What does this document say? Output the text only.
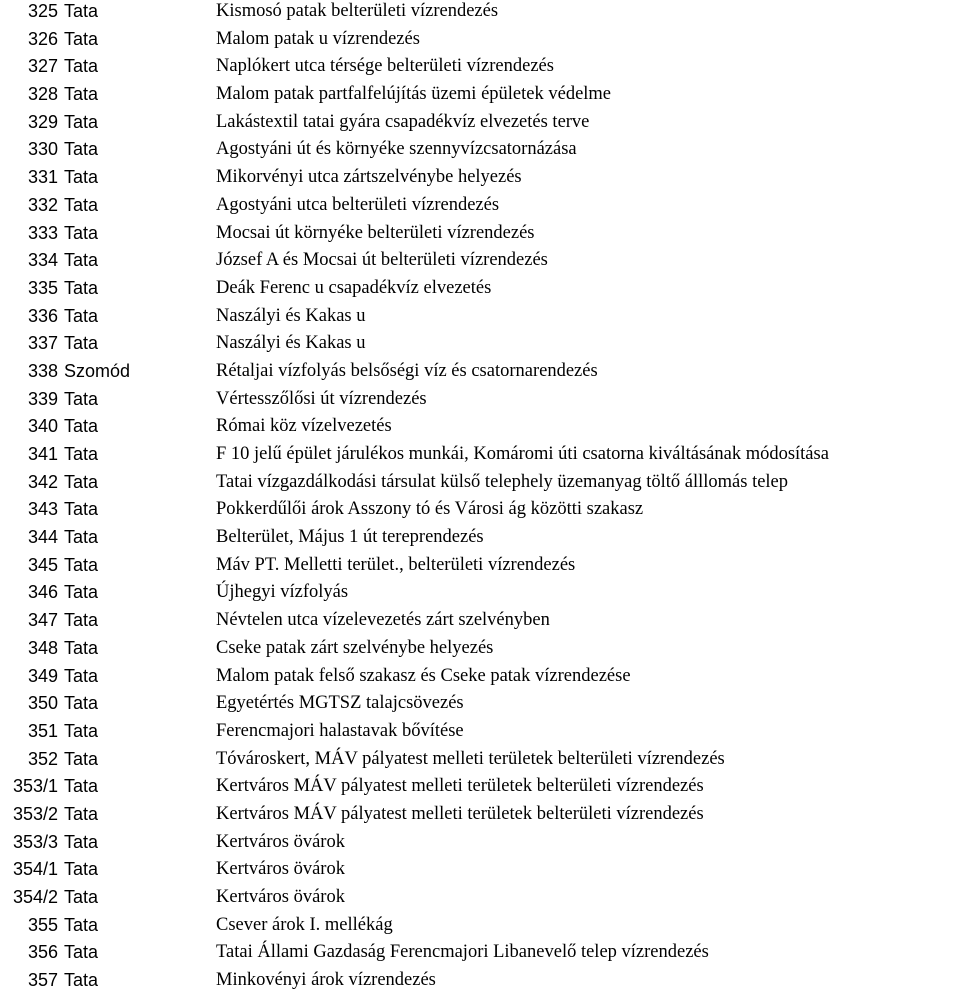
325 Tata	Kismosó patak belterületi vízrendezés
326 Tata	Malom patak u vízrendezés
327 Tata	Naplókert utca térsége belterületi vízrendezés
328 Tata	Malom patak partfalfelújítás üzemi épületek védelme
329 Tata	Lakástextil tatai gyára csapadékvíz elvezetés terve
330 Tata	Agostyáni út és környéke szennyvízcsatornázása
331 Tata	Mikorvényi utca zártszelvénybe helyezés
332 Tata	Agostyáni utca belterületi vízrendezés
333 Tata	Mocsai út környéke belterületi vízrendezés
334 Tata	József A és Mocsai út belterületi vízrendezés
335 Tata	Deák Ferenc u csapadékvíz elvezetés
336 Tata	Naszályi és Kakas u
337 Tata	Naszályi és Kakas u
338 Szomód	Rétaljai vízfolyás belsőségi víz és csatornarendezés
339 Tata	Vértesszőlősi út vízrendezés
340 Tata	Római köz vízelvezetés
341 Tata	F 10 jelű épület járulékos munkái, Komáromi úti csatorna kiváltásának módosítása
342 Tata	Tatai vízgazdálkodási társulat külső telephely üzemanyag töltő álllomás telep
343 Tata	Pokkerdűlői árok Asszony tó és Városi ág közötti szakasz
344 Tata	Belterület, Május 1 út tereprendezés
345 Tata	Máv PT. Melletti terület., belterületi vízrendezés
346 Tata	Újhegyi vízfolyás
347 Tata	Névtelen utca vízelevezetés zárt szelvényben
348 Tata	Cseke patak zárt szelvénybe helyezés
349 Tata	Malom patak felső szakasz és Cseke patak vízrendezése
350 Tata	Egyetértés MGTSZ talajcsövezés
351 Tata	Ferencmajori halastavak bővítése
352 Tata	Tóvároskert, MÁV pályatest melleti területek belterületi vízrendezés
353/1 Tata	Kertváros MÁV pályatest melleti területek belterületi vízrendezés
353/2 Tata	Kertváros MÁV pályatest melleti területek belterületi vízrendezés
353/3 Tata	Kertváros övárok
354/1 Tata	Kertváros övárok
354/2 Tata	Kertváros övárok
355 Tata	Csever árok I. mellékág
356 Tata	Tatai Állami Gazdaság Ferencmajori Libanevelő telep vízrendezés
357 Tata	Minkovényi árok vízrendezés
